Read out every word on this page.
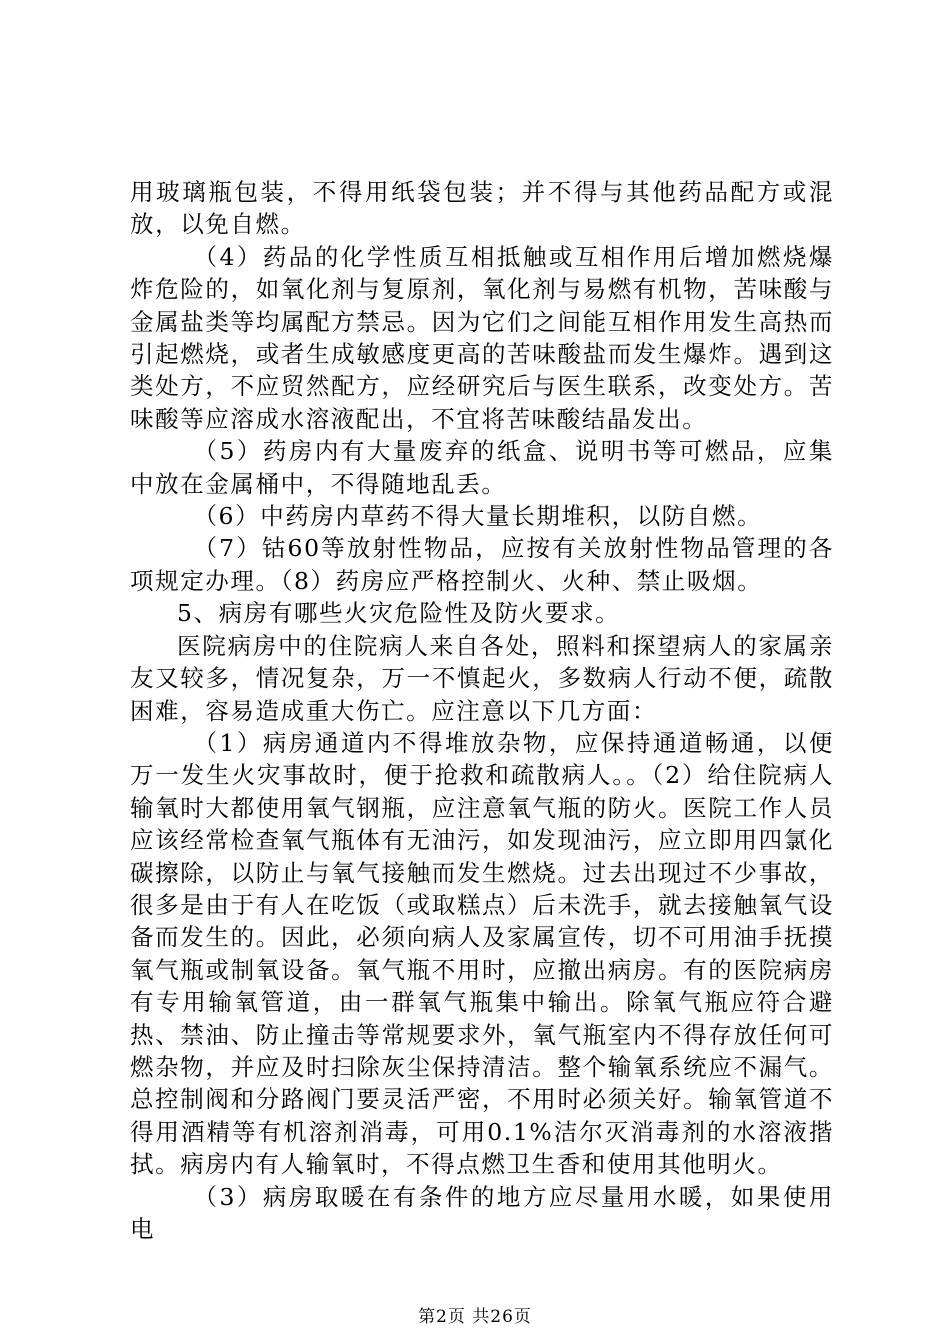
用玻璃瓶包装，不得用纸袋包装；并不得与其他药品配方或混放，以免自燃。

（4）药品的化学性质互相抵触或互相作用后增加燃烧爆炸危险的，如氧化剂与复原剂，氧化剂与易燃有机物，苦味酸与金属盐类等均属配方禁忌。因为它们之间能互相作用发生高热而引起燃烧，或者生成敏感度更高的苦味酸盐而发生爆炸。遇到这类处方，不应贸然配方，应经研究后与医生联系，改变处方。苦味酸等应溶成水溶液配出，不宜将苦味酸结晶发出。

（5）药房内有大量废弃的纸盒、说明书等可燃品，应集中放在金属桶中，不得随地乱丢。

（6）中药房内草药不得大量长期堆积，以防自燃。

（7）钴60等放射性物品，应按有关放射性物品管理的各项规定办理。（8）药房应严格控制火、火种、禁止吸烟。

5、病房有哪些火灾危险性及防火要求。

医院病房中的住院病人来自各处，照料和探望病人的家属亲友又较多，情况复杂，万一不慎起火，多数病人行动不便，疏散困难，容易造成重大伤亡。应注意以下几方面：

（1）病房通道内不得堆放杂物，应保持通道畅通，以便万一发生火灾事故时，便于抢救和疏散病人。。（2）给住院病人输氧时大都使用氧气钢瓶，应注意氧气瓶的防火。医院工作人员应该经常检查氧气瓶体有无油污，如发现油污，应立即用四氯化碳擦除，以防止与氧气接触而发生燃烧。过去出现过不少事故，很多是由于有人在吃饭（或取糕点）后未洗手，就去接触氧气设备而发生的。因此，必须向病人及家属宣传，切不可用油手抚摸氧气瓶或制氧设备。氧气瓶不用时，应撤出病房。有的医院病房有专用输氧管道，由一群氧气瓶集中输出。除氧气瓶应符合避热、禁油、防止撞击等常规要求外，氧气瓶室内不得存放任何可燃杂物，并应及时扫除灰尘保持清洁。整个输氧系统应不漏气。总控制阀和分路阀门要灵活严密，不用时必须关好。输氧管道不得用酒精等有机溶剂消毒，可用0.1%洁尔灭消毒剂的水溶液揩拭。病房内有人输氧时，不得点燃卫生香和使用其他明火。

（3）病房取暖在有条件的地方应尽量用水暖，如果使用电

第2页 共26页
